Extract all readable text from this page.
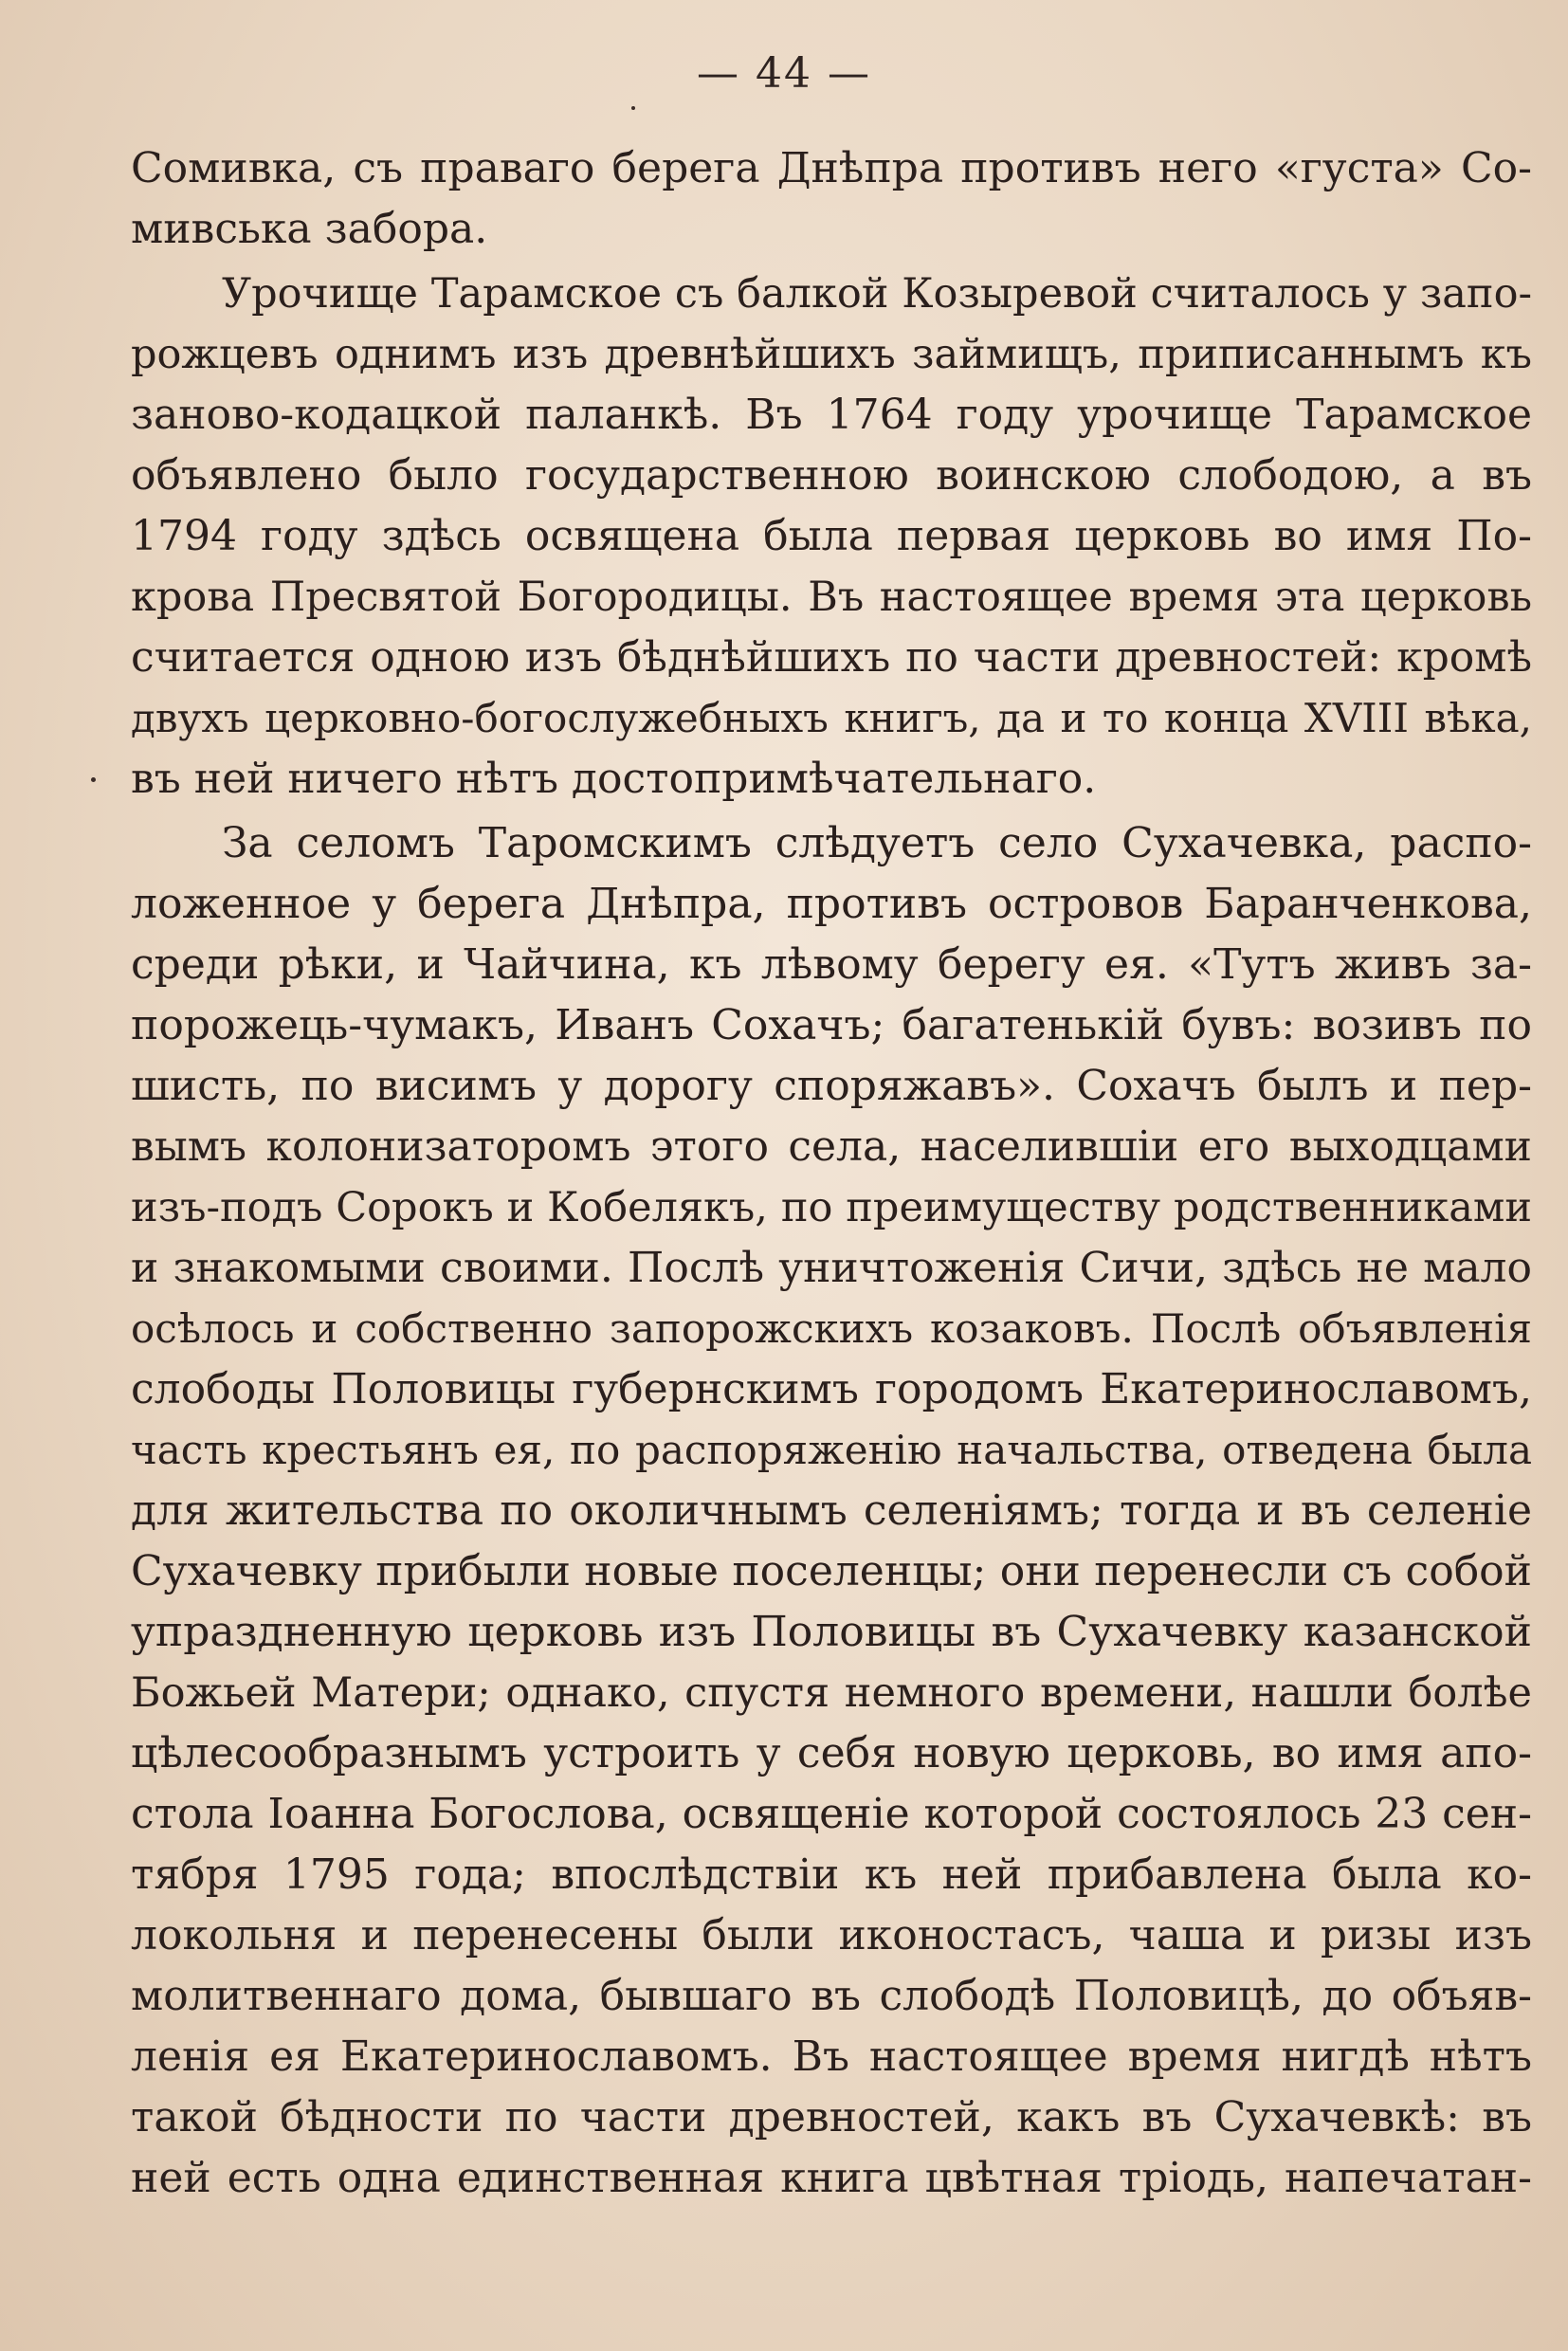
— 44 —
Сомивка, съ праваго берега Днѣпра противъ него «густа» Со-
мивська забора.
Урочище Тарамское съ балкой Козыревой считалось у запо-
рожцевъ однимъ изъ древнѣйшихъ займищъ, приписаннымъ къ
заново-кодацкой паланкѣ. Въ 1764 году урочище Тарамское
объявлено было государственною воинскою слободою, а въ
1794 году здѣсь освящена была первая церковь во имя По-
крова Пресвятой Богородицы. Въ настоящее время эта церковь
считается одною изъ бѣднѣйшихъ по части древностей: кромѣ
двухъ церковно-богослужебныхъ книгъ, да и то конца XVIII вѣка,
въ ней ничего нѣтъ достопримѣчательнаго.
За селомъ Таромскимъ слѣдуетъ село Сухачевка, распо-
ложенное у берега Днѣпра, противъ островов Баранченкова,
среди рѣки, и Чайчина, къ лѣвому берегу ея. «Тутъ живъ за-
порожець-чумакъ, Иванъ Сохачъ; багатенькій бувъ: возивъ по
шисть, по висимъ у дорогу споряжавъ». Сохачъ былъ и пер-
вымъ колонизаторомъ этого села, населившіи его выходцами
изъ-подъ Сорокъ и Кобелякъ, по преимуществу родственниками
и знакомыми своими. Послѣ уничтоженія Сичи, здѣсь не мало
осѣлось и собственно запорожскихъ козаковъ. Послѣ объявленія
слободы Половицы губернскимъ городомъ Екатеринославомъ,
часть крестьянъ ея, по распоряженію начальства, отведена была
для жительства по околичнымъ селеніямъ; тогда и въ селеніе
Сухачевку прибыли новые поселенцы; они перенесли съ собой
упраздненную церковь изъ Половицы въ Сухачевку казанской
Божьей Матери; однако, спустя немного времени, нашли болѣе
цѣлесообразнымъ устроить у себя новую церковь, во имя апо-
стола Іоанна Богослова, освященіе которой состоялось 23 сен-
тября 1795 года; впослѣдствіи къ ней прибавлена была ко-
локольня и перенесены были иконостасъ, чаша и ризы изъ
молитвеннаго дома, бывшаго въ слободѣ Половицѣ, до объяв-
ленія ея Екатеринославомъ. Въ настоящее время нигдѣ нѣтъ
такой бѣдности по части древностей, какъ въ Сухачевкѣ: въ
ней есть одна единственная книга цвѣтная тріодь, напечатан-
